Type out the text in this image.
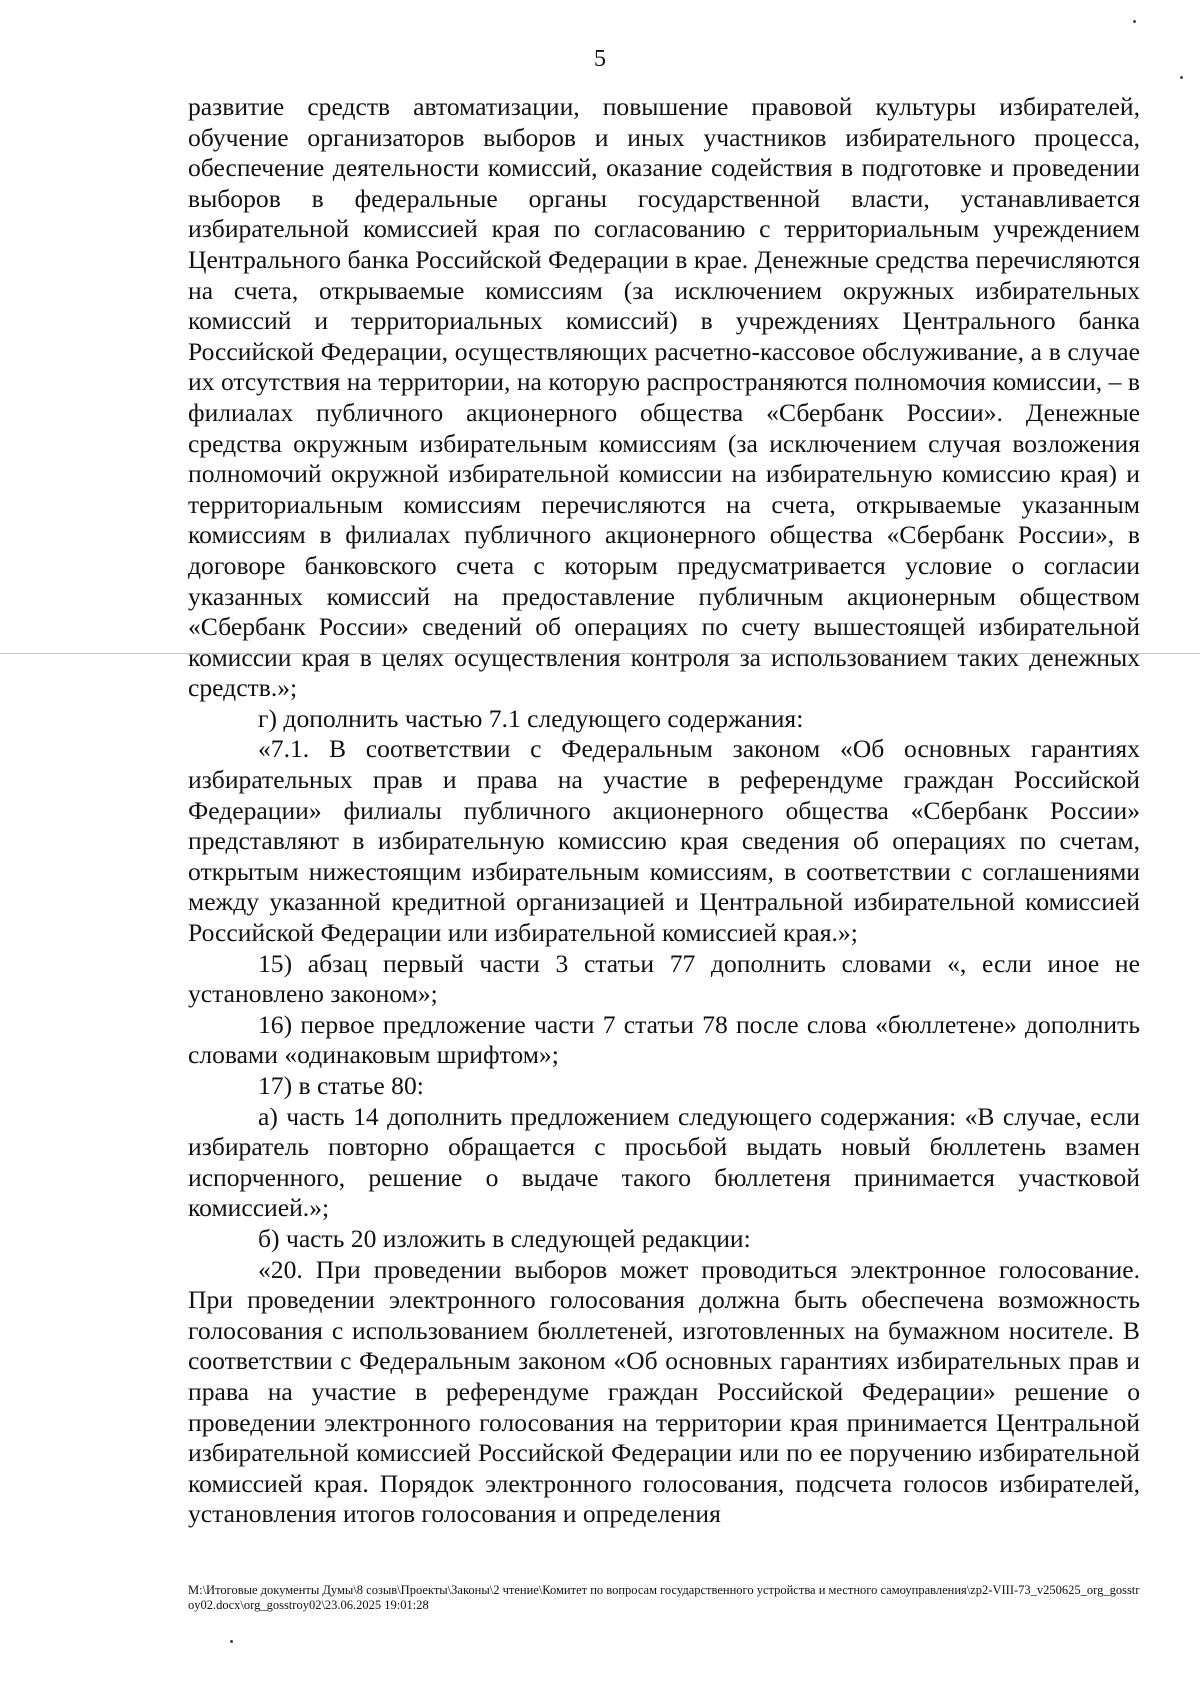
5

развитие средств автоматизации, повышение правовой культуры избирателей, обучение организаторов выборов и иных участников избирательного процесса, обеспечение деятельности комиссий, оказание содействия в подготовке и проведении выборов в федеральные органы государственной власти, устанавливается избирательной комиссией края по согласованию с территориальным учреждением Центрального банка Российской Федерации в крае. Денежные средства перечисляются на счета, открываемые комиссиям (за исключением окружных избирательных комиссий и территориальных комиссий) в учреждениях Центрального банка Российской Федерации, осуществляющих расчетно-кассовое обслуживание, а в случае их отсутствия на территории, на которую распространяются полномочия комиссии, – в филиалах публичного акционерного общества «Сбербанк России». Денежные средства окружным избирательным комиссиям (за исключением случая возложения полномочий окружной избирательной комиссии на избирательную комиссию края) и территориальным комиссиям перечисляются на счета, открываемые указанным комиссиям в филиалах публичного акционерного общества «Сбербанк России», в договоре банковского счета с которым предусматривается условие о согласии указанных комиссий на предоставление публичным акционерным обществом «Сбербанк России» сведений об операциях по счету вышестоящей избирательной комиссии края в целях осуществления контроля за использованием таких денежных средств.»;

г) дополнить частью 7.1 следующего содержания:

«7.1. В соответствии с Федеральным законом «Об основных гарантиях избирательных прав и права на участие в референдуме граждан Российской Федерации» филиалы публичного акционерного общества «Сбербанк России» представляют в избирательную комиссию края сведения об операциях по счетам, открытым нижестоящим избирательным комиссиям, в соответствии с соглашениями между указанной кредитной организацией и Центральной избирательной комиссией Российской Федерации или избирательной комиссией края.»;

15) абзац первый части 3 статьи 77 дополнить словами «, если иное не установлено законом»;

16) первое предложение части 7 статьи 78 после слова «бюллетене» дополнить словами «одинаковым шрифтом»;

17) в статье 80:

а) часть 14 дополнить предложением следующего содержания: «В случае, если избиратель повторно обращается с просьбой выдать новый бюллетень взамен испорченного, решение о выдаче такого бюллетеня принимается участковой комиссией.»;

б) часть 20 изложить в следующей редакции:

«20. При проведении выборов может проводиться электронное голосование. При проведении электронного голосования должна быть обеспечена возможность голосования с использованием бюллетеней, изготовленных на бумажном носителе. В соответствии с Федеральным законом «Об основных гарантиях избирательных прав и права на участие в референдуме граждан Российской Федерации» решение о проведении электронного голосования на территории края принимается Центральной избирательной комиссией Российской Федерации или по ее поручению избирательной комиссией края. Порядок электронного голосования, подсчета голосов избирателей, установления итогов голосования и определения

M:\Итоговые документы Думы\8 созыв\Проекты\Законы\2 чтение\Комитет по вопросам государственного устройства и местного самоуправления\zp2-VIII-73_v250625_org_gosstroy02.docx\org_gosstroy02\23.06.2025 19:01:28
